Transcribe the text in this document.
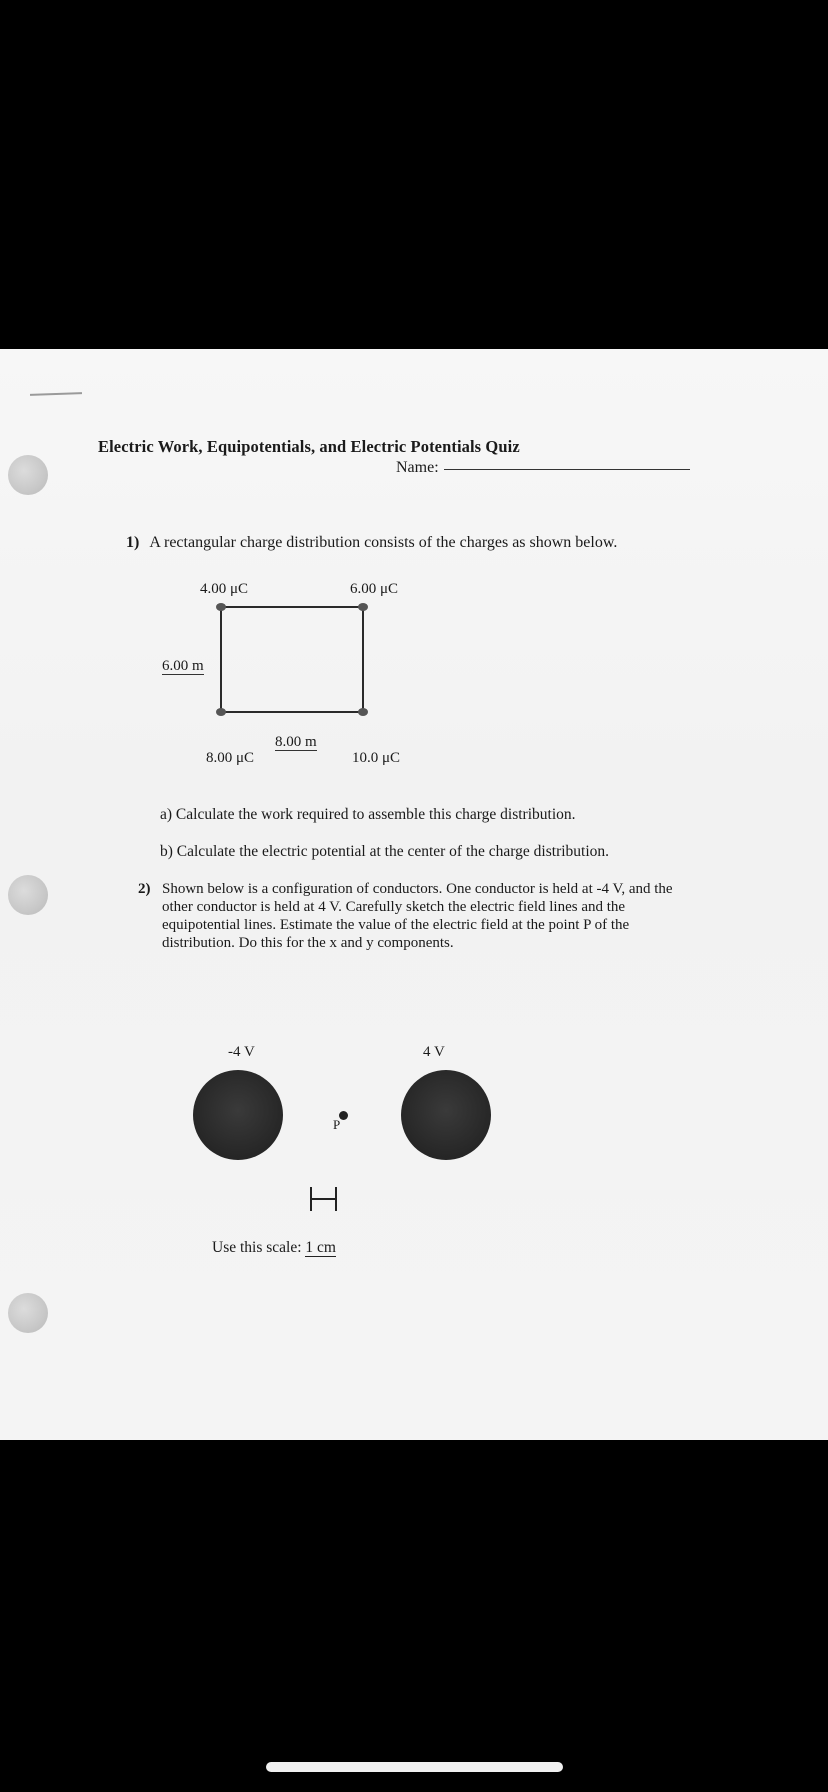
Electric Work, Equipotentials, and Electric Potentials Quiz
Name:
1) A rectangular charge distribution consists of the charges as shown below.
4.00 μC	6.00 μC
6.00 m
8.00 m
8.00 μC	10.0 μC
a) Calculate the work required to assemble this charge distribution.
b) Calculate the electric potential at the center of the charge distribution.
2) Shown below is a configuration of conductors. One conductor is held at -4 V, and the other conductor is held at 4 V. Carefully sketch the electric field lines and the equipotential lines. Estimate the value of the electric field at the point P of the distribution. Do this for the x and y components.
-4 V	4 V
P
Use this scale: 1 cm
